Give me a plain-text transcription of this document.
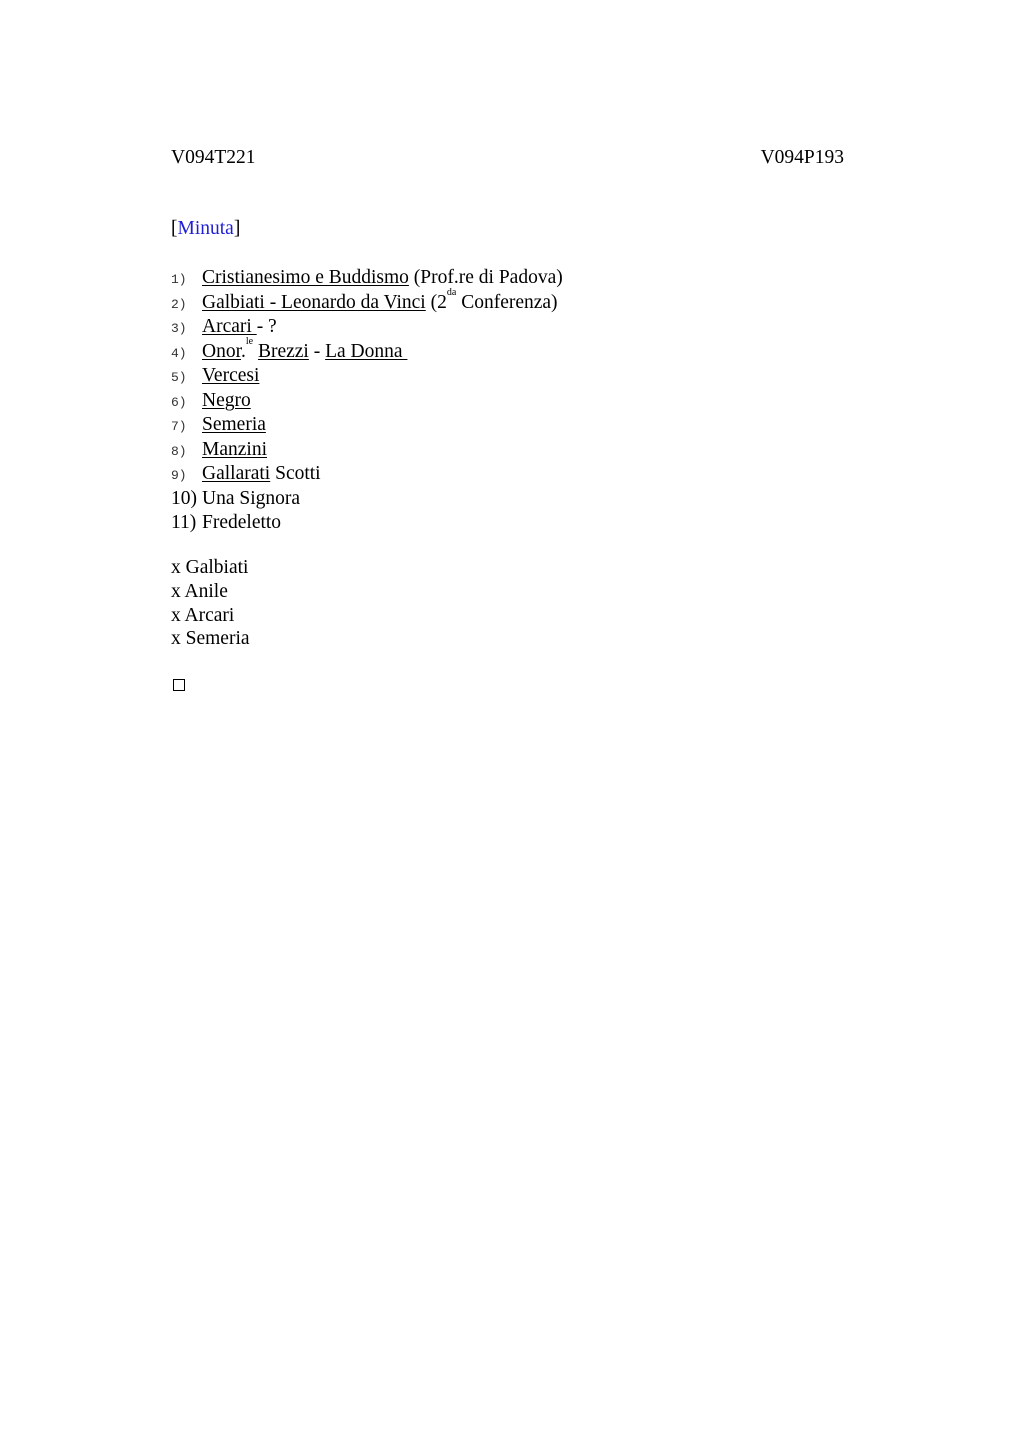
V094T221	V094P193
[Minuta]
1) Cristianesimo e Buddismo (Prof.re di Padova)
2) Galbiati - Leonardo da Vinci ($2^{da}$ Conferenza)
3) Arcari - ?
4) Onor.$^{le}$ Brezzi - La Donna
5) Vercesi
6) Negro
7) Semeria
8) Manzini
9) Gallarati Scotti
10) Una Signora
11) Fredeletto
x Galbiati
x Anile
x Arcari
x Semeria
